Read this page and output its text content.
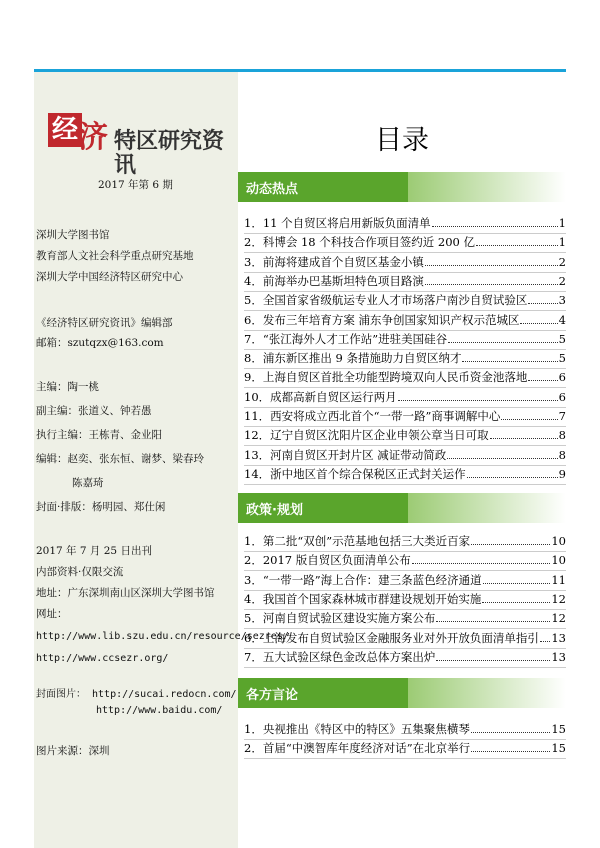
经 济 特区研究资讯
目录
2017 年第 6 期
深圳大学图书馆
教育部人文社会科学重点研究基地
深圳大学中国经济特区研究中心
《经济特区研究资讯》编辑部
邮箱：szutqzx@163.com
主编：陶一桃
副主编：张道义、钟若愚
执行主编：王栋青、金业阳
编辑：赵奕、张东恒、谢梦、梁春玲
陈嘉琦
封面·排版：杨明园、郑仕闲
2017 年 7 月 25 日出刊
内部资料·仅限交流
地址：广东深圳南山区深圳大学图书馆
网址：
http://www.lib.szu.edu.cn/resource/sezres/
http://www.ccsezr.org/
封面图片： http://sucai.redocn.com/
http://www.baidu.com/
图片来源：深圳
动态热点
1．11 个自贸区将启用新版负面清单	1
2．科博会 18 个科技合作项目签约近 200 亿	1
3．前海将建成首个自贸区基金小镇	2
4．前海举办巴基斯坦特色项目路演	2
5．全国首家省级航运专业人才市场落户南沙自贸试验区	3
6．发布三年培育方案 浦东争创国家知识产权示范城区	4
7．“张江海外人才工作站”进驻美国硅谷	5
8．浦东新区推出 9 条措施助力自贸区纳才	5
9．上海自贸区首批全功能型跨境双向人民币资金池落地	6
10．成都高新自贸区运行两月	6
11．西安将成立西北首个“一带一路”商事调解中心	7
12．辽宁自贸区沈阳片区企业申领公章当日可取	8
13．河南自贸区开封片区 减证带动简政	8
14．浙中地区首个综合保税区正式封关运作	9
政策·规划
1．第二批“双创”示范基地包括三大类近百家	10
2．2017 版自贸区负面清单公布	10
3．“一带一路”海上合作：建三条蓝色经济通道	11
4．我国首个国家森林城市群建设规划开始实施	12
5．河南自贸试验区建设实施方案公布	12
6．上海发布自贸试验区金融服务业对外开放负面清单指引 13
7．五大试验区绿色金改总体方案出炉	13
各方言论
1．央视推出《特区中的特区》五集聚焦横琴	15
2．首届“中澳智库年度经济对话”在北京举行	15
